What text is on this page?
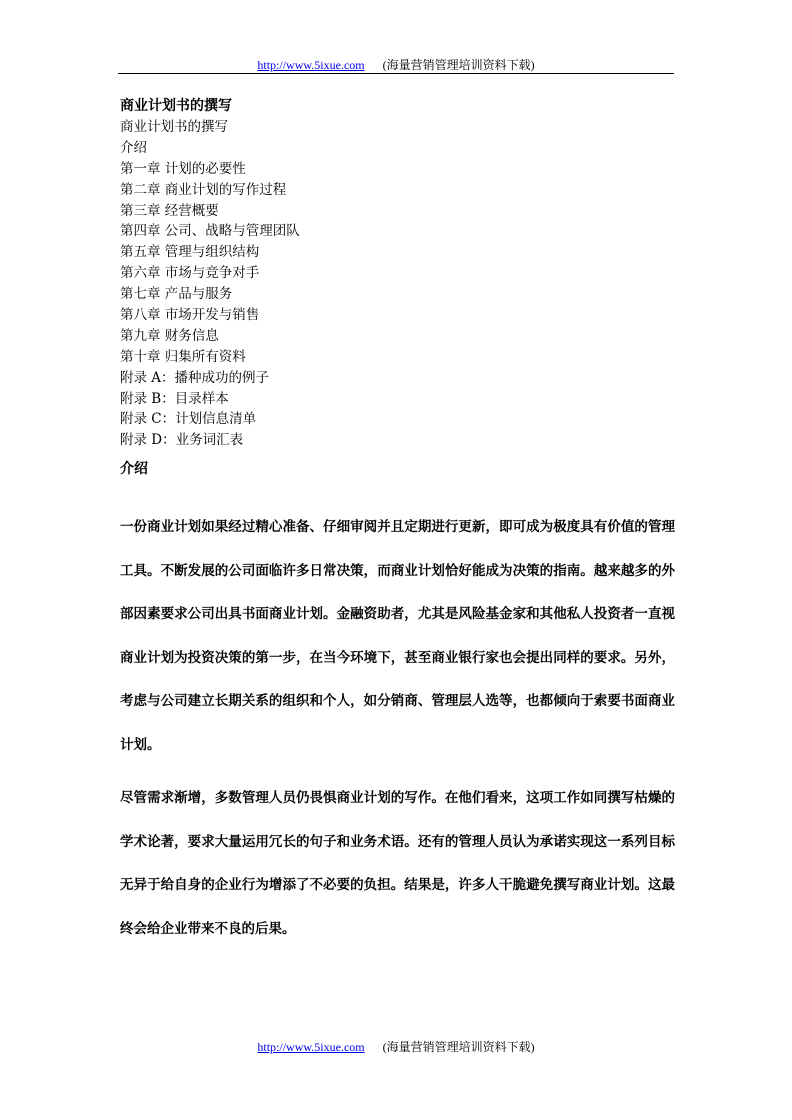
http://www.5ixue.com (海量营销管理培训资料下载)
商业计划书的撰写
商业计划书的撰写
介绍
第一章 计划的必要性
第二章 商业计划的写作过程
第三章 经营概要
第四章 公司、战略与管理团队
第五章 管理与组织结构
第六章 市场与竞争对手
第七章 产品与服务
第八章 市场开发与销售
第九章 财务信息
第十章 归集所有资料
附录 A：播种成功的例子
附录 B：目录样本
附录 C：计划信息清单
附录 D：业务词汇表
介绍

一份商业计划如果经过精心准备、仔细审阅并且定期进行更新，即可成为极度具有价值的管理工具。不断发展的公司面临许多日常决策，而商业计划恰好能成为决策的指南。越来越多的外部因素要求公司出具书面商业计划。金融资助者，尤其是风险基金家和其他私人投资者一直视商业计划为投资决策的第一步，在当今环境下，甚至商业银行家也会提出同样的要求。另外，考虑与公司建立长期关系的组织和个人，如分销商、管理层人选等，也都倾向于索要书面商业计划。

尽管需求渐增，多数管理人员仍畏惧商业计划的写作。在他们看来，这项工作如同撰写枯燥的学术论著，要求大量运用冗长的句子和业务术语。还有的管理人员认为承诺实现这一系列目标无异于给自身的企业行为增添了不必要的负担。结果是，许多人干脆避免撰写商业计划。这最终会给企业带来不良的后果。

http://www.5ixue.com (海量营销管理培训资料下载)
